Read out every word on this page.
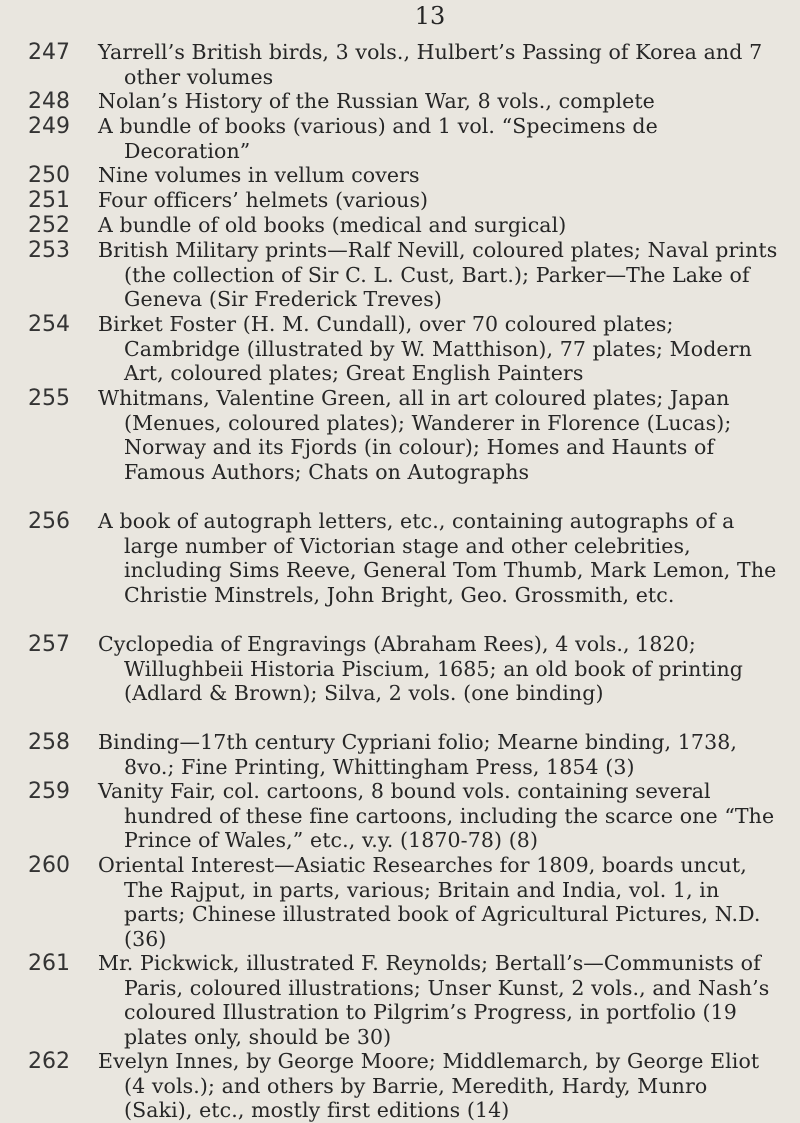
13
247	Yarrell’s British birds, 3 vols., Hulbert’s Passing of Korea and 7 other volumes
248	Nolan’s History of the Russian War, 8 vols., complete
249	A bundle of books (various) and 1 vol. “Specimens de Decoration”
250	Nine volumes in vellum covers
251	Four officers’ helmets (various)
252	A bundle of old books (medical and surgical)
253	British Military prints—Ralf Nevill, coloured plates; Naval prints (the collection of Sir C. L. Cust, Bart.); Parker—The Lake of Geneva (Sir Frederick Treves)
254	Birket Foster (H. M. Cundall), over 70 coloured plates; Cambridge (illustrated by W. Matthison), 77 plates; Modern Art, coloured plates; Great English Painters
255	Whitmans, Valentine Green, all in art coloured plates; Japan (Menues, coloured plates); Wanderer in Florence (Lucas); Norway and its Fjords (in colour); Homes and Haunts of Famous Authors; Chats on Autographs
256	A book of autograph letters, etc., containing autographs of a large number of Victorian stage and other celebrities, including Sims Reeve, General Tom Thumb, Mark Lemon, The Christie Minstrels, John Bright, Geo. Grossmith, etc.
257	Cyclopedia of Engravings (Abraham Rees), 4 vols., 1820; Willughbeii Historia Piscium, 1685; an old book of printing (Adlard & Brown); Silva, 2 vols. (one binding)
258	Binding—17th century Cypriani folio; Mearne binding, 1738, 8vo.; Fine Printing, Whittingham Press, 1854 (3)
259	Vanity Fair, col. cartoons, 8 bound vols. containing several hundred of these fine cartoons, including the scarce one “The Prince of Wales,” etc., v.y. (1870-78) (8)
260	Oriental Interest—Asiatic Researches for 1809, boards uncut, The Rajput, in parts, various; Britain and India, vol. 1, in parts; Chinese illustrated book of Agricultural Pictures, N.D. (36)
261	Mr. Pickwick, illustrated F. Reynolds; Bertall’s—Communists of Paris, coloured illustrations; Unser Kunst, 2 vols., and Nash’s coloured Illustration to Pilgrim’s Progress, in portfolio (19 plates only, should be 30)
262	Evelyn Innes, by George Moore; Middlemarch, by George Eliot (4 vols.); and others by Barrie, Meredith, Hardy, Munro (Saki), etc., mostly first editions (14)
